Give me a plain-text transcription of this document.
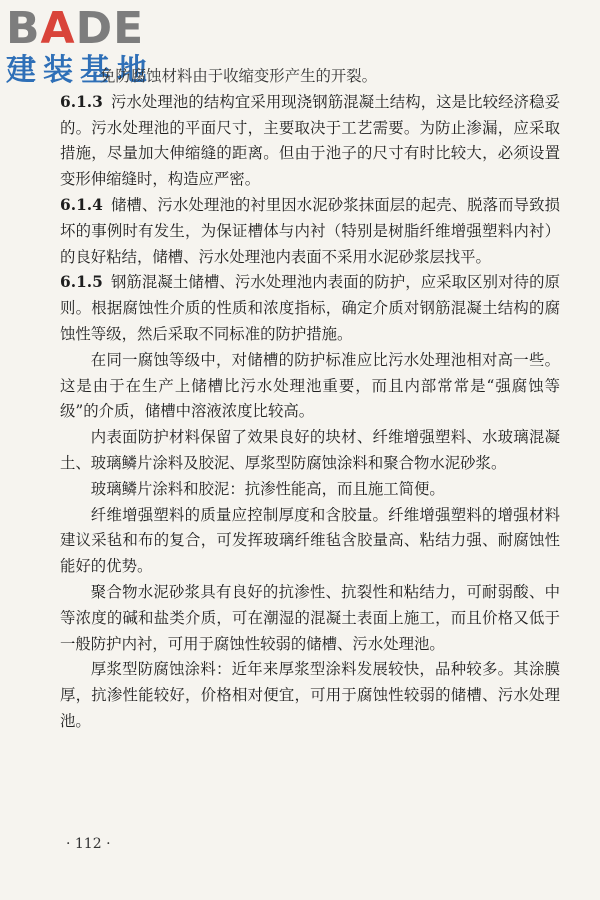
BADE
建装基地

免防腐蚀材料由于收缩变形产生的开裂。

6.1.3 污水处理池的结构宜采用现浇钢筋混凝土结构，这是比较经济稳妥的。污水处理池的平面尺寸，主要取决于工艺需要。为防止渗漏，应采取措施，尽量加大伸缩缝的距离。但由于池子的尺寸有时比较大，必须设置变形伸缩缝时，构造应严密。

6.1.4 储槽、污水处理池的衬里因水泥砂浆抹面层的起壳、脱落而导致损坏的事例时有发生，为保证槽体与内衬（特别是树脂纤维增强塑料内衬）的良好粘结，储槽、污水处理池内表面不采用水泥砂浆层找平。

6.1.5 钢筋混凝土储槽、污水处理池内表面的防护，应采取区别对待的原则。根据腐蚀性介质的性质和浓度指标，确定介质对钢筋混凝土结构的腐蚀性等级，然后采取不同标准的防护措施。

在同一腐蚀等级中，对储槽的防护标准应比污水处理池相对高一些。这是由于在生产上储槽比污水处理池重要，而且内部常常是“强腐蚀等级”的介质，储槽中溶液浓度比较高。

内表面防护材料保留了效果良好的块材、纤维增强塑料、水玻璃混凝土、玻璃鳞片涂料及胶泥、厚浆型防腐蚀涂料和聚合物水泥砂浆。

玻璃鳞片涂料和胶泥：抗渗性能高，而且施工简便。

纤维增强塑料的质量应控制厚度和含胶量。纤维增强塑料的增强材料建议采毡和布的复合，可发挥玻璃纤维毡含胶量高、粘结力强、耐腐蚀性能好的优势。

聚合物水泥砂浆具有良好的抗渗性、抗裂性和粘结力，可耐弱酸、中等浓度的碱和盐类介质，可在潮湿的混凝土表面上施工，而且价格又低于一般防护内衬，可用于腐蚀性较弱的储槽、污水处理池。

厚浆型防腐蚀涂料：近年来厚浆型涂料发展较快，品种较多。其涂膜厚，抗渗性能较好，价格相对便宜，可用于腐蚀性较弱的储槽、污水处理池。

· 112 ·
